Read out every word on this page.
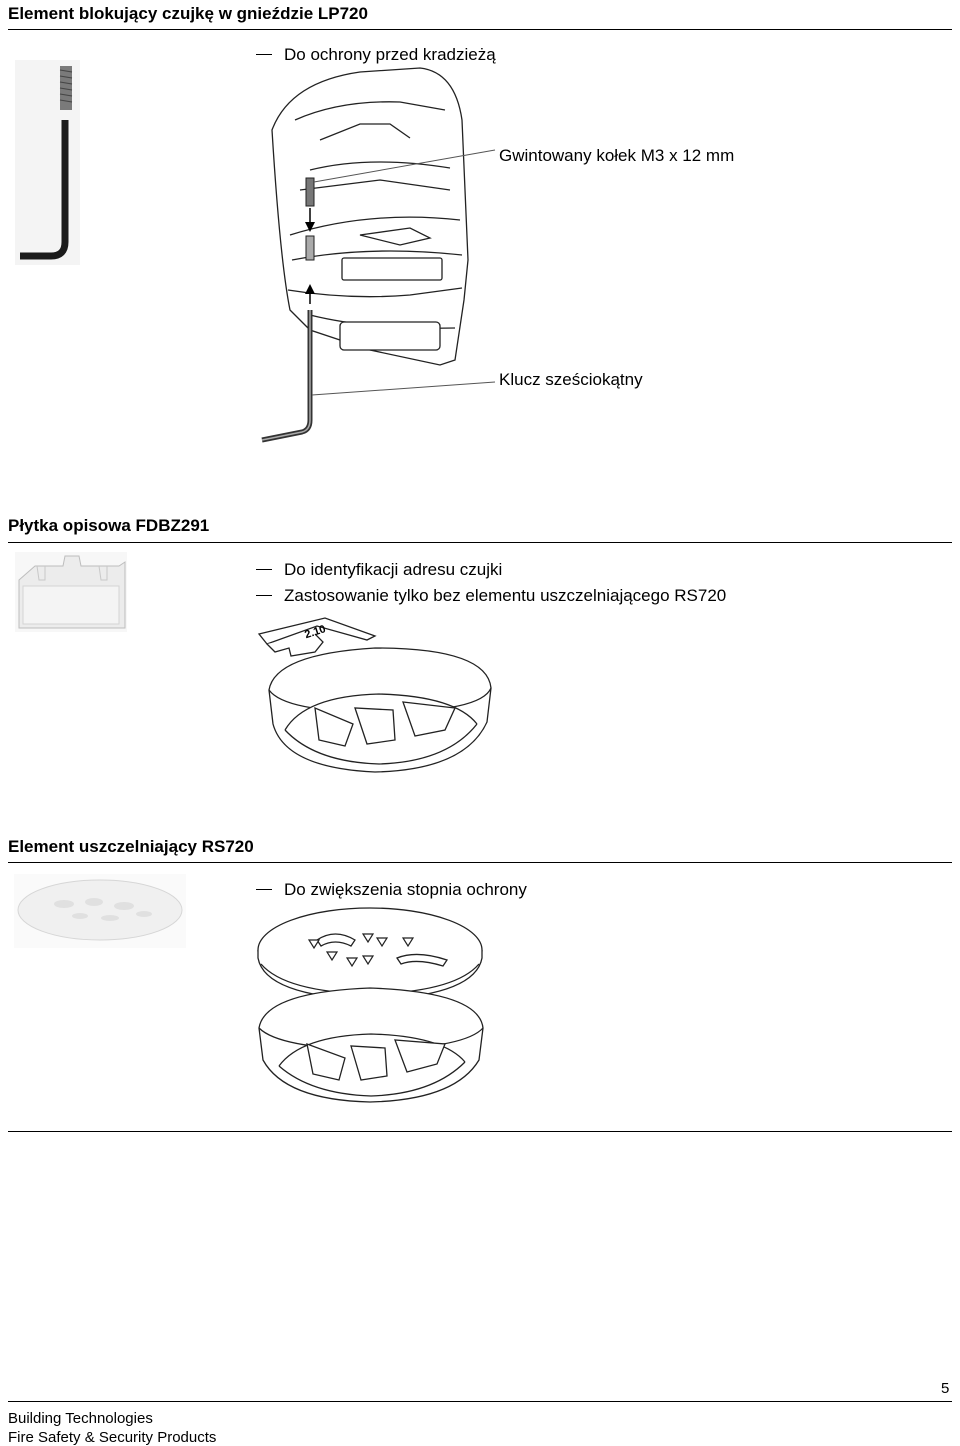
Element blokujący czujkę w gnieździe LP720
Do ochrony przed kradzieżą
Gwintowany kołek M3 x 12 mm
Klucz sześciokątny
Płytka opisowa FDBZ291
Do identyfikacji adresu czujki
Zastosowanie tylko bez elementu uszczelniającego RS720
2.10
Element uszczelniający RS720
Do zwiększenia stopnia ochrony
5
Building Technologies
Fire Safety & Security Products
